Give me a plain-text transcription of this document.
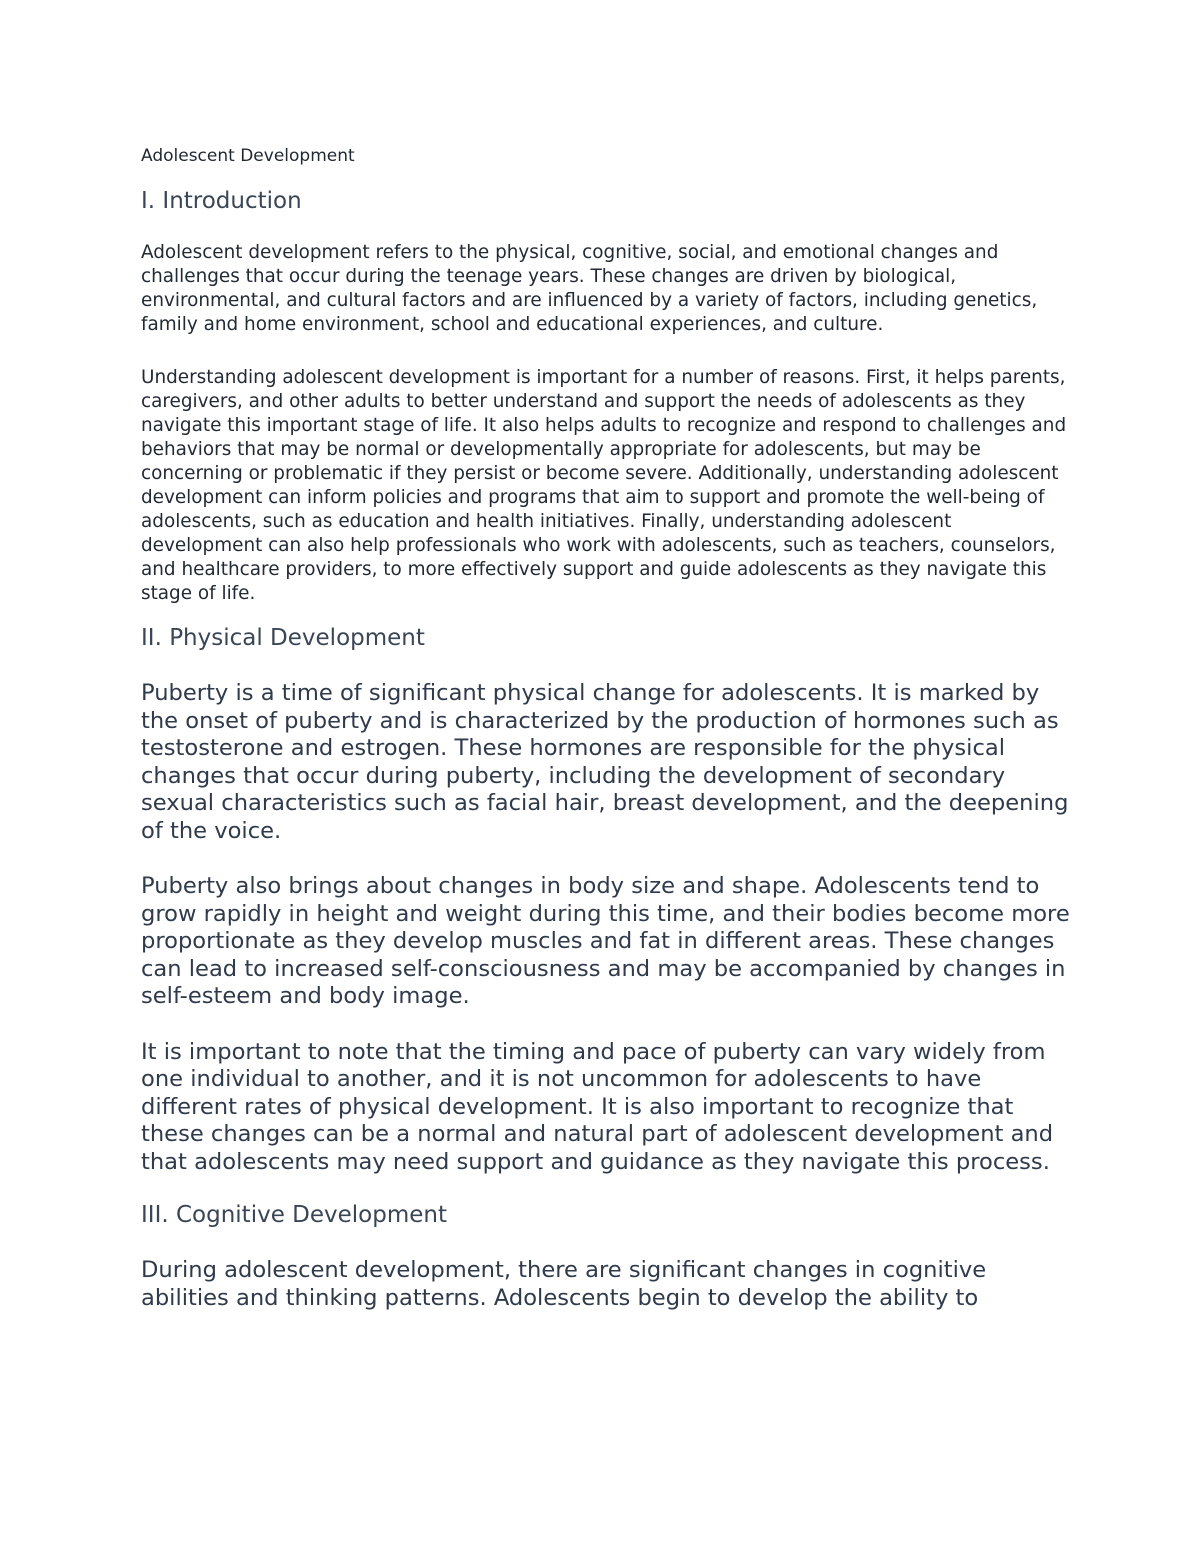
Adolescent Development

I. Introduction

Adolescent development refers to the physical, cognitive, social, and emotional changes and challenges that occur during the teenage years. These changes are driven by biological, environmental, and cultural factors and are influenced by a variety of factors, including genetics, family and home environment, school and educational experiences, and culture.

Understanding adolescent development is important for a number of reasons. First, it helps parents, caregivers, and other adults to better understand and support the needs of adolescents as they navigate this important stage of life. It also helps adults to recognize and respond to challenges and behaviors that may be normal or developmentally appropriate for adolescents, but may be concerning or problematic if they persist or become severe. Additionally, understanding adolescent development can inform policies and programs that aim to support and promote the well-being of adolescents, such as education and health initiatives. Finally, understanding adolescent development can also help professionals who work with adolescents, such as teachers, counselors, and healthcare providers, to more effectively support and guide adolescents as they navigate this stage of life.

II. Physical Development

Puberty is a time of significant physical change for adolescents. It is marked by the onset of puberty and is characterized by the production of hormones such as testosterone and estrogen. These hormones are responsible for the physical changes that occur during puberty, including the development of secondary sexual characteristics such as facial hair, breast development, and the deepening of the voice.

Puberty also brings about changes in body size and shape. Adolescents tend to grow rapidly in height and weight during this time, and their bodies become more proportionate as they develop muscles and fat in different areas. These changes can lead to increased self-consciousness and may be accompanied by changes in self-esteem and body image.

It is important to note that the timing and pace of puberty can vary widely from one individual to another, and it is not uncommon for adolescents to have different rates of physical development. It is also important to recognize that these changes can be a normal and natural part of adolescent development and that adolescents may need support and guidance as they navigate this process.

III. Cognitive Development

During adolescent development, there are significant changes in cognitive abilities and thinking patterns. Adolescents begin to develop the ability to
